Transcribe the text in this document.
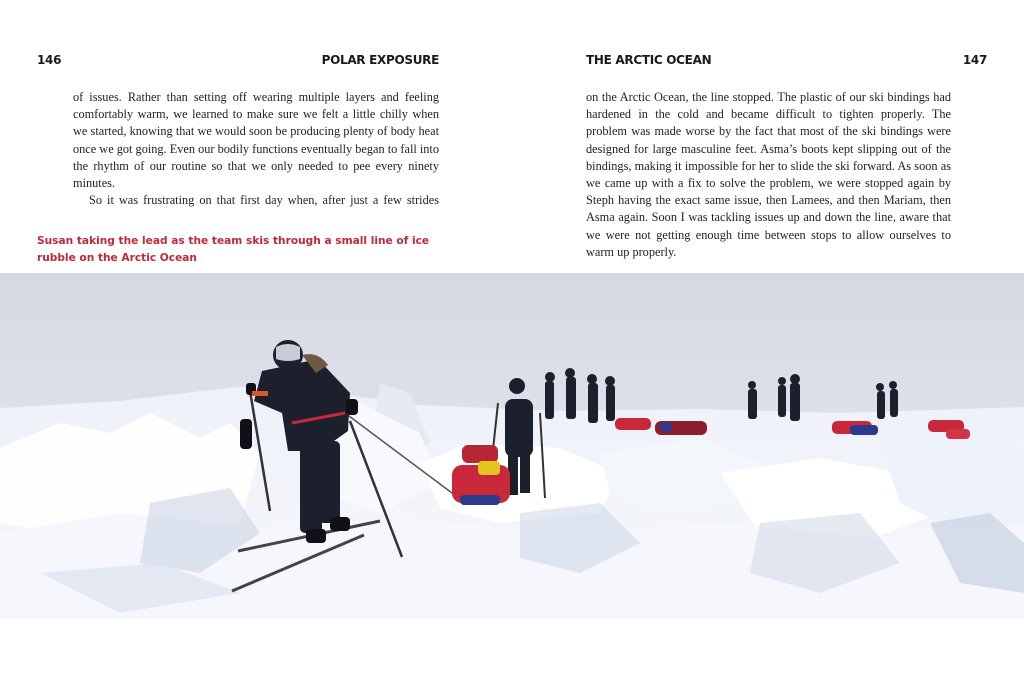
146	POLAR EXPOSURE	THE ARCTIC OCEAN	147

of issues. Rather than setting off wearing multiple layers and feeling comfortably warm, we learned to make sure we felt a little chilly when we started, knowing that we would soon be producing plenty of body heat once we got going. Even our bodily functions eventually began to fall into the rhythm of our routine so that we only needed to pee every ninety minutes.

So it was frustrating on that first day when, after just a few strides

Susan taking the lead as the team skis through a small line of ice rubble on the Arctic Ocean

on the Arctic Ocean, the line stopped. The plastic of our ski bindings had hardened in the cold and became difficult to tighten properly. The problem was made worse by the fact that most of the ski bindings were designed for large masculine feet. Asma’s boots kept slipping out of the bindings, making it impossible for her to slide the ski forward. As soon as we came up with a fix to solve the problem, we were stopped again by Steph having the exact same issue, then Lamees, and then Mariam, then Asma again. Soon I was tackling issues up and down the line, aware that we were not getting enough time between stops to allow ourselves to warm up properly.
